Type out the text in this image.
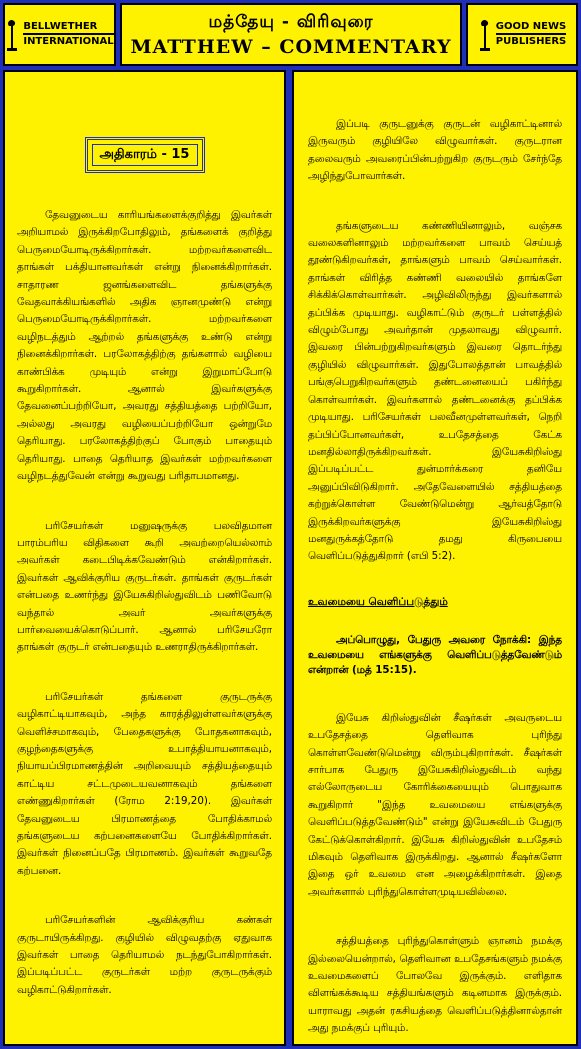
BELLWETHER
INTERNATIONAL
மத்தேயு - விரிவுரை
MATTHEW – COMMENTARY
GOOD NEWS
PUBLISHERS
அதிகாரம் - 15

தேவனுடைய காரியங்களைக்குறித்து இவர்கள் அறியாமல் இருக்கிறபோதிலும், தங்களைக் குறித்து பெருமையோடிருக்கிறார்கள். மற்றவர்களைவிட தாங்கள் பக்தியானவர்கள் என்று நினைக்கிறார்கள். சாதாரண ஜனங்களைவிட தங்களுக்கு வேதவாக்கியங்களில் அதிக ஞானமுண்டு என்று பெருமையோடிருக்கிறார்கள். மற்றவர்களை வழிநடத்தும் ஆற்றல் தங்களுக்கு உண்டு என்று நினைக்கிறார்கள். பரலோகத்திற்கு தங்களால் வழியை காண்பிக்க முடியும் என்று இறுமாப்போடு கூறுகிறார்கள். ஆனால் இவர்களுக்கு தேவனைப்பற்றியோ, அவரது சத்தியத்தை பற்றியோ, அல்லது அவரது வழியைப்பற்றியோ ஒன்றுமே தெரியாது. பரலோகத்திற்குப் போகும் பாதையும் தெரியாது. பாதை தெரியாத இவர்கள் மற்றவர்களை வழிநடத்துவேன் என்று கூறுவது பரிதாபமானது.

பரிசேயர்கள் மனுஷருக்கு பலவிதமான பாரம்பரிய விதிகளை கூறி அவற்றையெல்லாம் அவர்கள் கடைபிடிக்கவேண்டும் என்கிறார்கள். இவர்கள் ஆவிக்குரிய குருடர்கள். தாங்கள் குருடர்கள் என்பதை உணர்ந்து இயேசுகிறிஸ்துவிடம் பணிவோடு வந்தால் அவர் அவர்களுக்கு பார்வையைக்கொடுப்பார். ஆனால் பரிசேயரோ தாங்கள் குருடர் என்பதையும் உணராதிருக்கிறார்கள்.

பரிசேயர்கள் தங்களை குருடருக்கு வழிகாட்டியாகவும், அந்த காரத்திலுள்ளவர்களுக்கு வெளிச்சமாகவும், பேதைகளுக்கு போதகனாகவும், குழந்தைகளுக்கு உபாத்தியாயனாகவும், நியாயப்பிரமாணத்தின் அறிவையும் சத்தியத்தையும் காட்டிய சட்டமுடையவனாகவும் தங்களை எண்ணுகிறார்கள் (ரோம 2:19,20). இவர்கள் தேவனுடைய பிரமாணத்தை போதிக்காமல் தங்களுடைய கற்பனைகளையே போதிக்கிறார்கள். இவர்கள் நினைப்பதே பிரமாணம். இவர்கள் கூறுவதே கற்பனை.

பரிசேயர்களின் ஆவிக்குரிய கண்கள் குருடாயிருக்கிறது. குழியில் விழுவதற்கு ஏதுவாக இவர்கள் பாதை தெரியாமல் நடந்துபோகிறார்கள். இப்படிப்பட்ட குருடர்கள் மற்ற குருடருக்கும் வழிகாட்டுகிறார்கள்.

இப்படி குருடனுக்கு குருடன் வழிகாட்டினால் இருவரும் குழியிலே விழுவார்கள். குருடரான தலைவரும் அவரைப்பின்பற்றுகிற குருடரும் சேர்ந்தே அழிந்துபோவார்கள்.

தங்களுடைய கண்ணியினாலும், வஞ்சக வலைகளினாலும் மற்றவர்களை பாவம் செய்யத் தூண்டுகிறவர்கள், தாங்களும் பாவம் செய்வார்கள். தாங்கள் விரித்த கண்ணி வலையில் தாங்களே சிக்கிக்கொள்வார்கள். அழிவிலிருந்து இவர்களால் தப்பிக்க முடியாது. வழிகாட்டும் குருடர் பள்ளத்தில் விழும்போது அவர்தான் முதலாவது விழுவார். இவரை பின்பற்றுகிறவர்களும் இவரை தொடர்ந்து குழியில் விழுவார்கள். இதுபோலத்தான் பாவத்தில் பங்குபெறுகிறவர்களும் தண்டனையைப் பகிர்ந்து கொள்வார்கள். இவர்களால் தண்டனைக்கு தப்பிக்க முடியாது. பரிசேயர்கள் பலவீனமுள்ளவர்கள், நெறி தப்பிப்போனவர்கள், உபதேசத்தை கேட்க மனதில்லாதிருக்கிறவர்கள். இயேசுகிறிஸ்து இப்படிப்பட்ட துன்மார்க்கரை தனியே அனுப்பிவிடுகிறார். அதேவேளையில் சத்தியத்தை கற்றுக்கொள்ள வேண்டுமென்று ஆர்வத்தோடு இருக்கிறவர்களுக்கு இயேசுகிறிஸ்து மனதுருக்கத்தோடு தமது கிருபையை வெளிப்படுத்துகிறார் (எபி 5:2).

உவமையை வெளிப்படுத்தும்

அப்பொழுது, பேதுரு அவரை நோக்கி: இந்த உவமையை எங்களுக்கு வெளிப்படுத்தவேண்டும் என்றான் (மத் 15:15).

இயேசு கிறிஸ்துவின் சீஷர்கள் அவருடைய உபதேசத்தை தெளிவாக புரிந்து கொள்ளவேண்டுமென்று விரும்புகிறார்கள். சீஷர்கள் சார்பாக பேதுரு இயேசுகிறிஸ்துவிடம் வந்து எல்லோருடைய கோரிக்கையையும் பொதுவாக கூறுகிறார் "இந்த உவமையை எங்களுக்கு வெளிப்படுத்தவேண்டும்" என்று இயேசுவிடம் பேதுரு கேட்டுக்கொள்கிறார். இயேசு கிறிஸ்துவின் உபதேசம் மிகவும் தெளிவாக இருக்கிறது. ஆனால் சீஷர்களோ இதை ஒர் உவமை என அழைக்கிறார்கள். இதை அவர்களால் புரிந்துகொள்ளமுடியவில்லை.

சத்தியத்தை புரிந்துகொள்ளும் ஞானம் நமக்கு இல்லையென்றால், தெளிவான உபதேசங்களும் நமக்கு உவமைகளைப் போலவே இருக்கும். எளிதாக விளங்கக்கூடிய சத்தியங்களும் கடினமாக இருக்கும். யாராவது அதன் ரகசியத்தை வெளிப்படுத்தினால்தான் அது நமக்குப் புரியும்.
